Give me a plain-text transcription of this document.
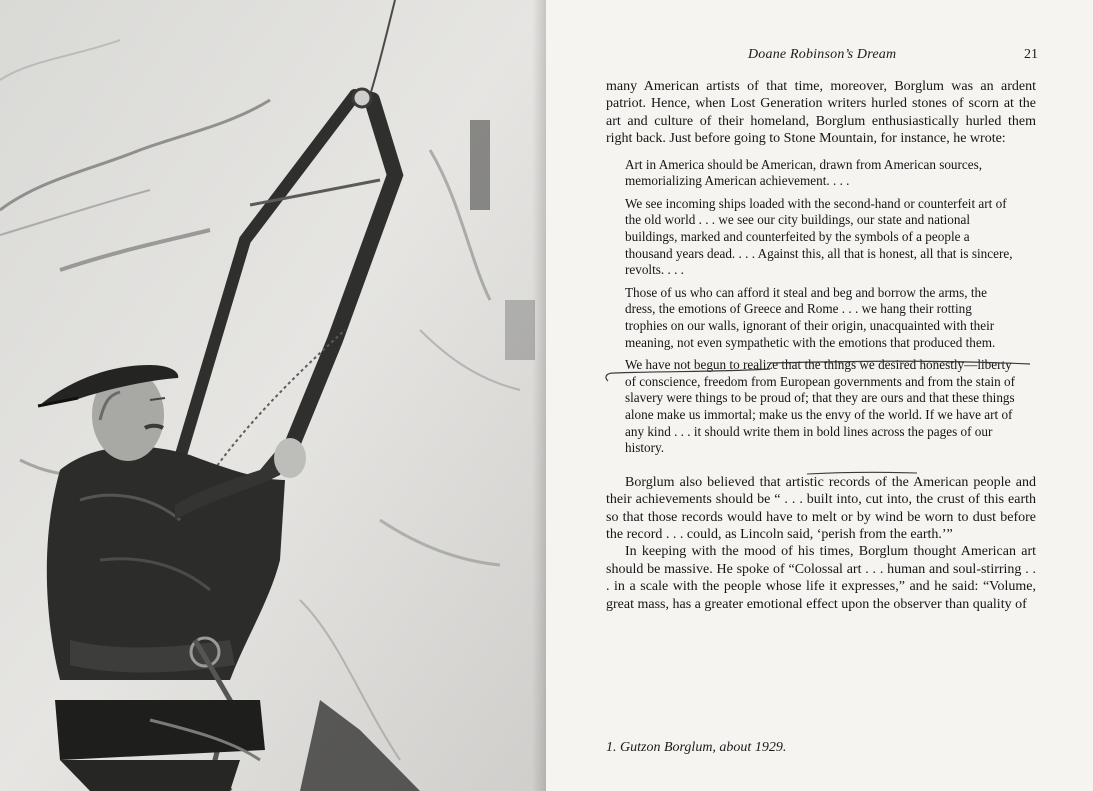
Doane Robinson’s Dream	21

many American artists of that time, moreover, Borglum was an ardent patriot. Hence, when Lost Generation writers hurled stones of scorn at the art and culture of their homeland, Borglum enthusiastically hurled them right back. Just before going to Stone Mountain, for instance, he wrote:

Art in America should be American, drawn from American sources, memorializing American achievement. . . .

We see incoming ships loaded with the second-hand or counterfeit art of the old world . . . we see our city buildings, our state and national buildings, marked and counterfeited by the symbols of a people a thousand years dead. . . . Against this, all that is honest, all that is sincere, revolts. . . .

Those of us who can afford it steal and beg and borrow the arms, the dress, the emotions of Greece and Rome . . . we hang their rotting trophies on our walls, ignorant of their origin, unacquainted with their meaning, not even sympathetic with the emotions that produced them.

We have not begun to realize that the things we desired honestly—liberty of conscience, freedom from European governments and from the stain of slavery were things to be proud of; that they are ours and that these things alone make us immortal; make us the envy of the world. If we have art of any kind . . . it should write them in bold lines across the pages of our history.

Borglum also believed that artistic records of the American people and their achievements should be “ . . . built into, cut into, the crust of this earth so that those records would have to melt or by wind be worn to dust before the record . . . could, as Lincoln said, ‘perish from the earth.’”

In keeping with the mood of his times, Borglum thought American art should be massive. He spoke of “Colossal art . . . human and soul-stirring . . . in a scale with the people whose life it expresses,” and he said: “Volume, great mass, has a greater emotional effect upon the observer than quality of

1. Gutzon Borglum, about 1929.
